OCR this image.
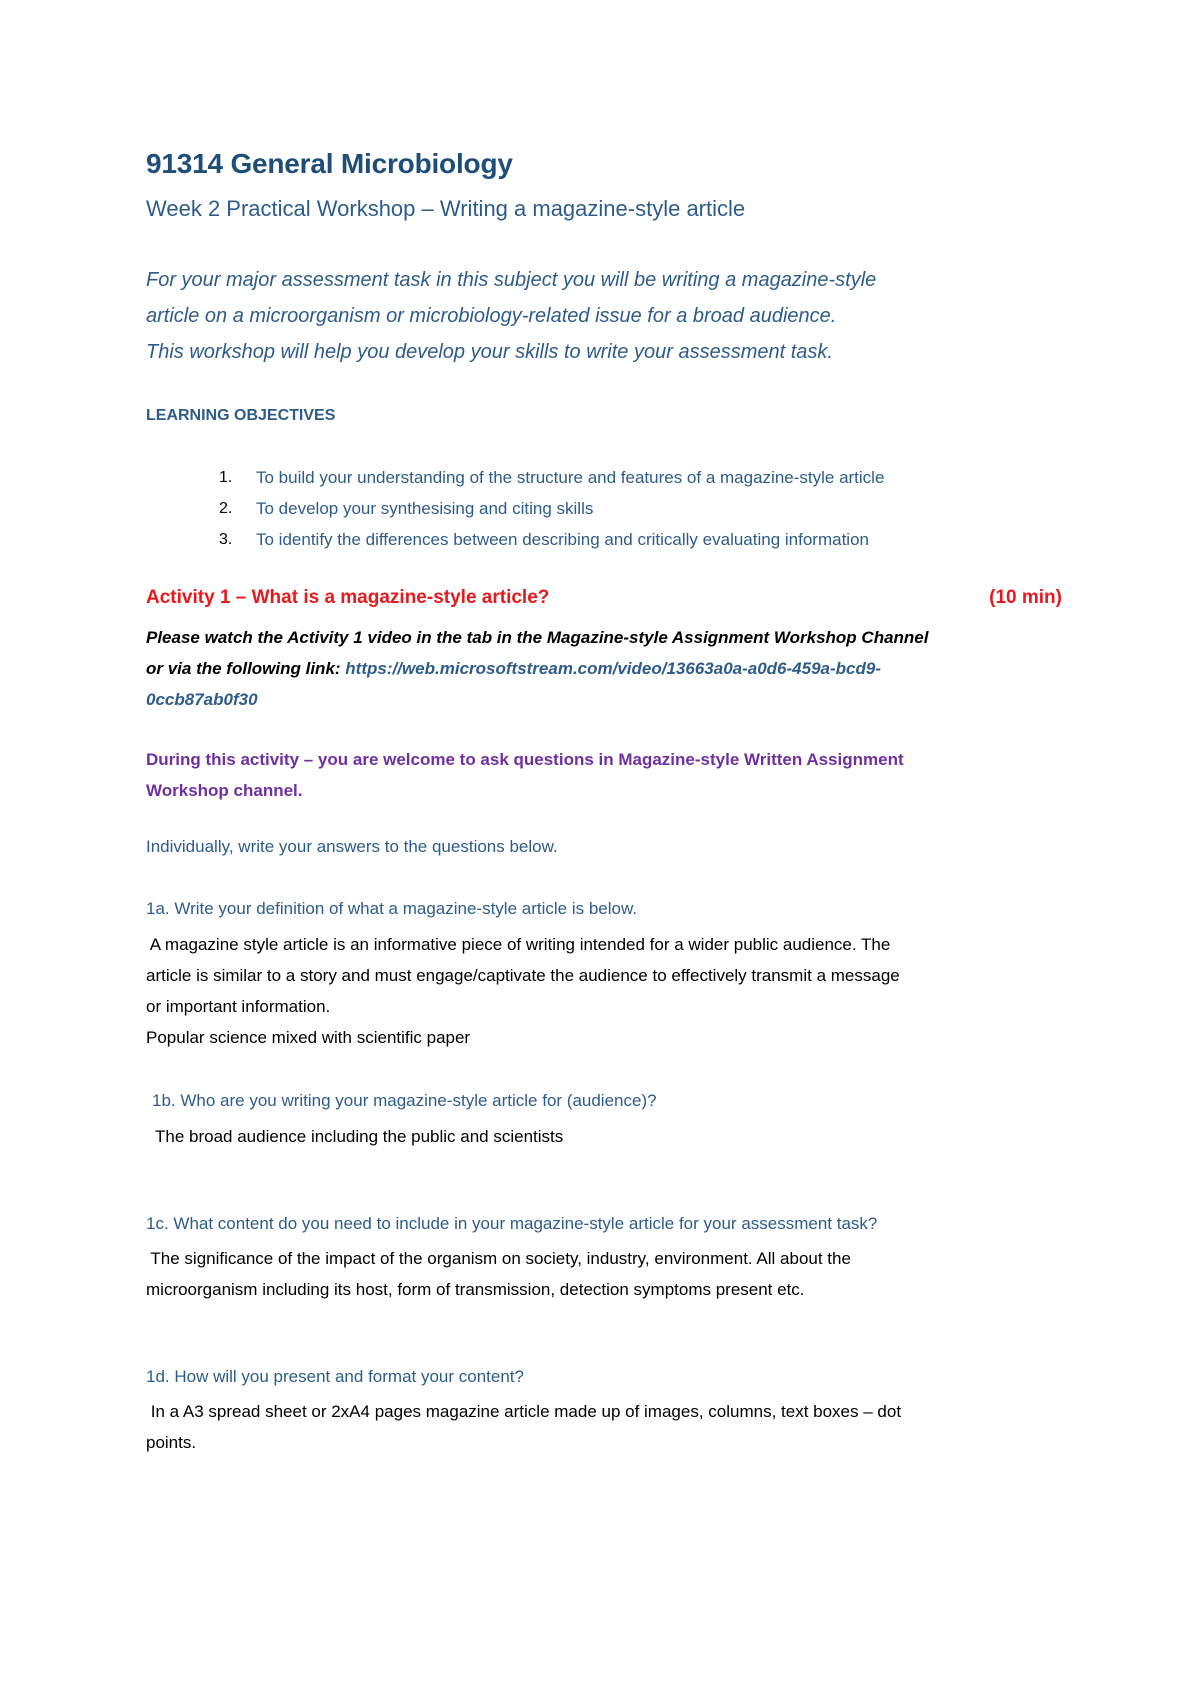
91314 General Microbiology
Week 2 Practical Workshop – Writing a magazine-style article
For your major assessment task in this subject you will be writing a magazine-style
article on a microorganism or microbiology-related issue for a broad audience.
This workshop will help you develop your skills to write your assessment task.
LEARNING OBJECTIVES
1. To build your understanding of the structure and features of a magazine-style article
2. To develop your synthesising and citing skills
3. To identify the differences between describing and critically evaluating information
Activity 1 – What is a magazine-style article?	(10 min)
Please watch the Activity 1 video in the tab in the Magazine-style Assignment Workshop Channel
or via the following link: https://web.microsoftstream.com/video/13663a0a-a0d6-459a-bcd9-
0ccb87ab0f30
During this activity – you are welcome to ask questions in Magazine-style Written Assignment
Workshop channel.
Individually, write your answers to the questions below.
1a. Write your definition of what a magazine-style article is below.
A magazine style article is an informative piece of writing intended for a wider public audience. The
article is similar to a story and must engage/captivate the audience to effectively transmit a message
or important information.
Popular science mixed with scientific paper
1b. Who are you writing your magazine-style article for (audience)?
The broad audience including the public and scientists
1c. What content do you need to include in your magazine-style article for your assessment task?
The significance of the impact of the organism on society, industry, environment. All about the
microorganism including its host, form of transmission, detection symptoms present etc.
1d. How will you present and format your content?
In a A3 spread sheet or 2xA4 pages magazine article made up of images, columns, text boxes – dot
points.
